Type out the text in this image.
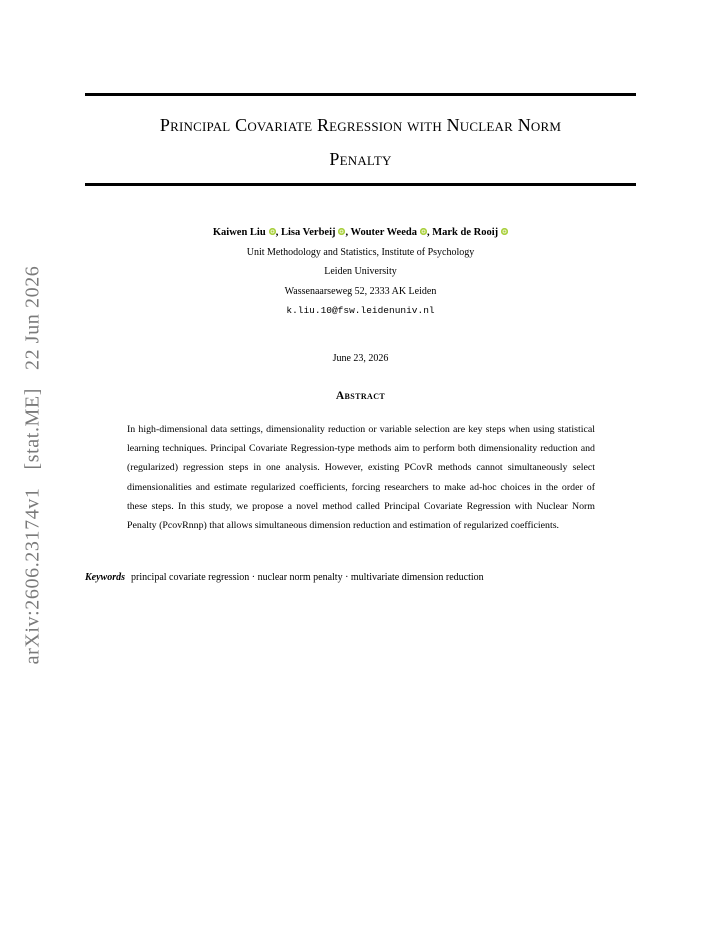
arXiv:2606.23174v1[stat.ME]22 Jun 2026
Principal Covariate Regression with Nuclear Norm
Penalty
Kaiwen Liu , Lisa Verbeij , Wouter Weeda , Mark de Rooij
Unit Methodology and Statistics, Institute of Psychology
Leiden University
Wassenaarseweg 52, 2333 AK Leiden
k.liu.10@fsw.leidenuniv.nl
June 23, 2026
Abstract
In high-dimensional data settings, dimensionality reduction or variable selection are key steps when using statistical learning techniques. Principal Covariate Regression-type methods aim to perform both dimensionality reduction and (regularized) regression steps in one analysis. However, existing PCovR methods cannot simultaneously select dimensionalities and estimate regularized coefficients, forcing researchers to make ad-hoc choices in the order of these steps. In this study, we propose a novel method called Principal Covariate Regression with Nuclear Norm Penalty (PcovRnnp) that allows simultaneous dimension reduction and estimation of regularized coefficients.
Keywords principal covariate regression · nuclear norm penalty · multivariate dimension reduction
